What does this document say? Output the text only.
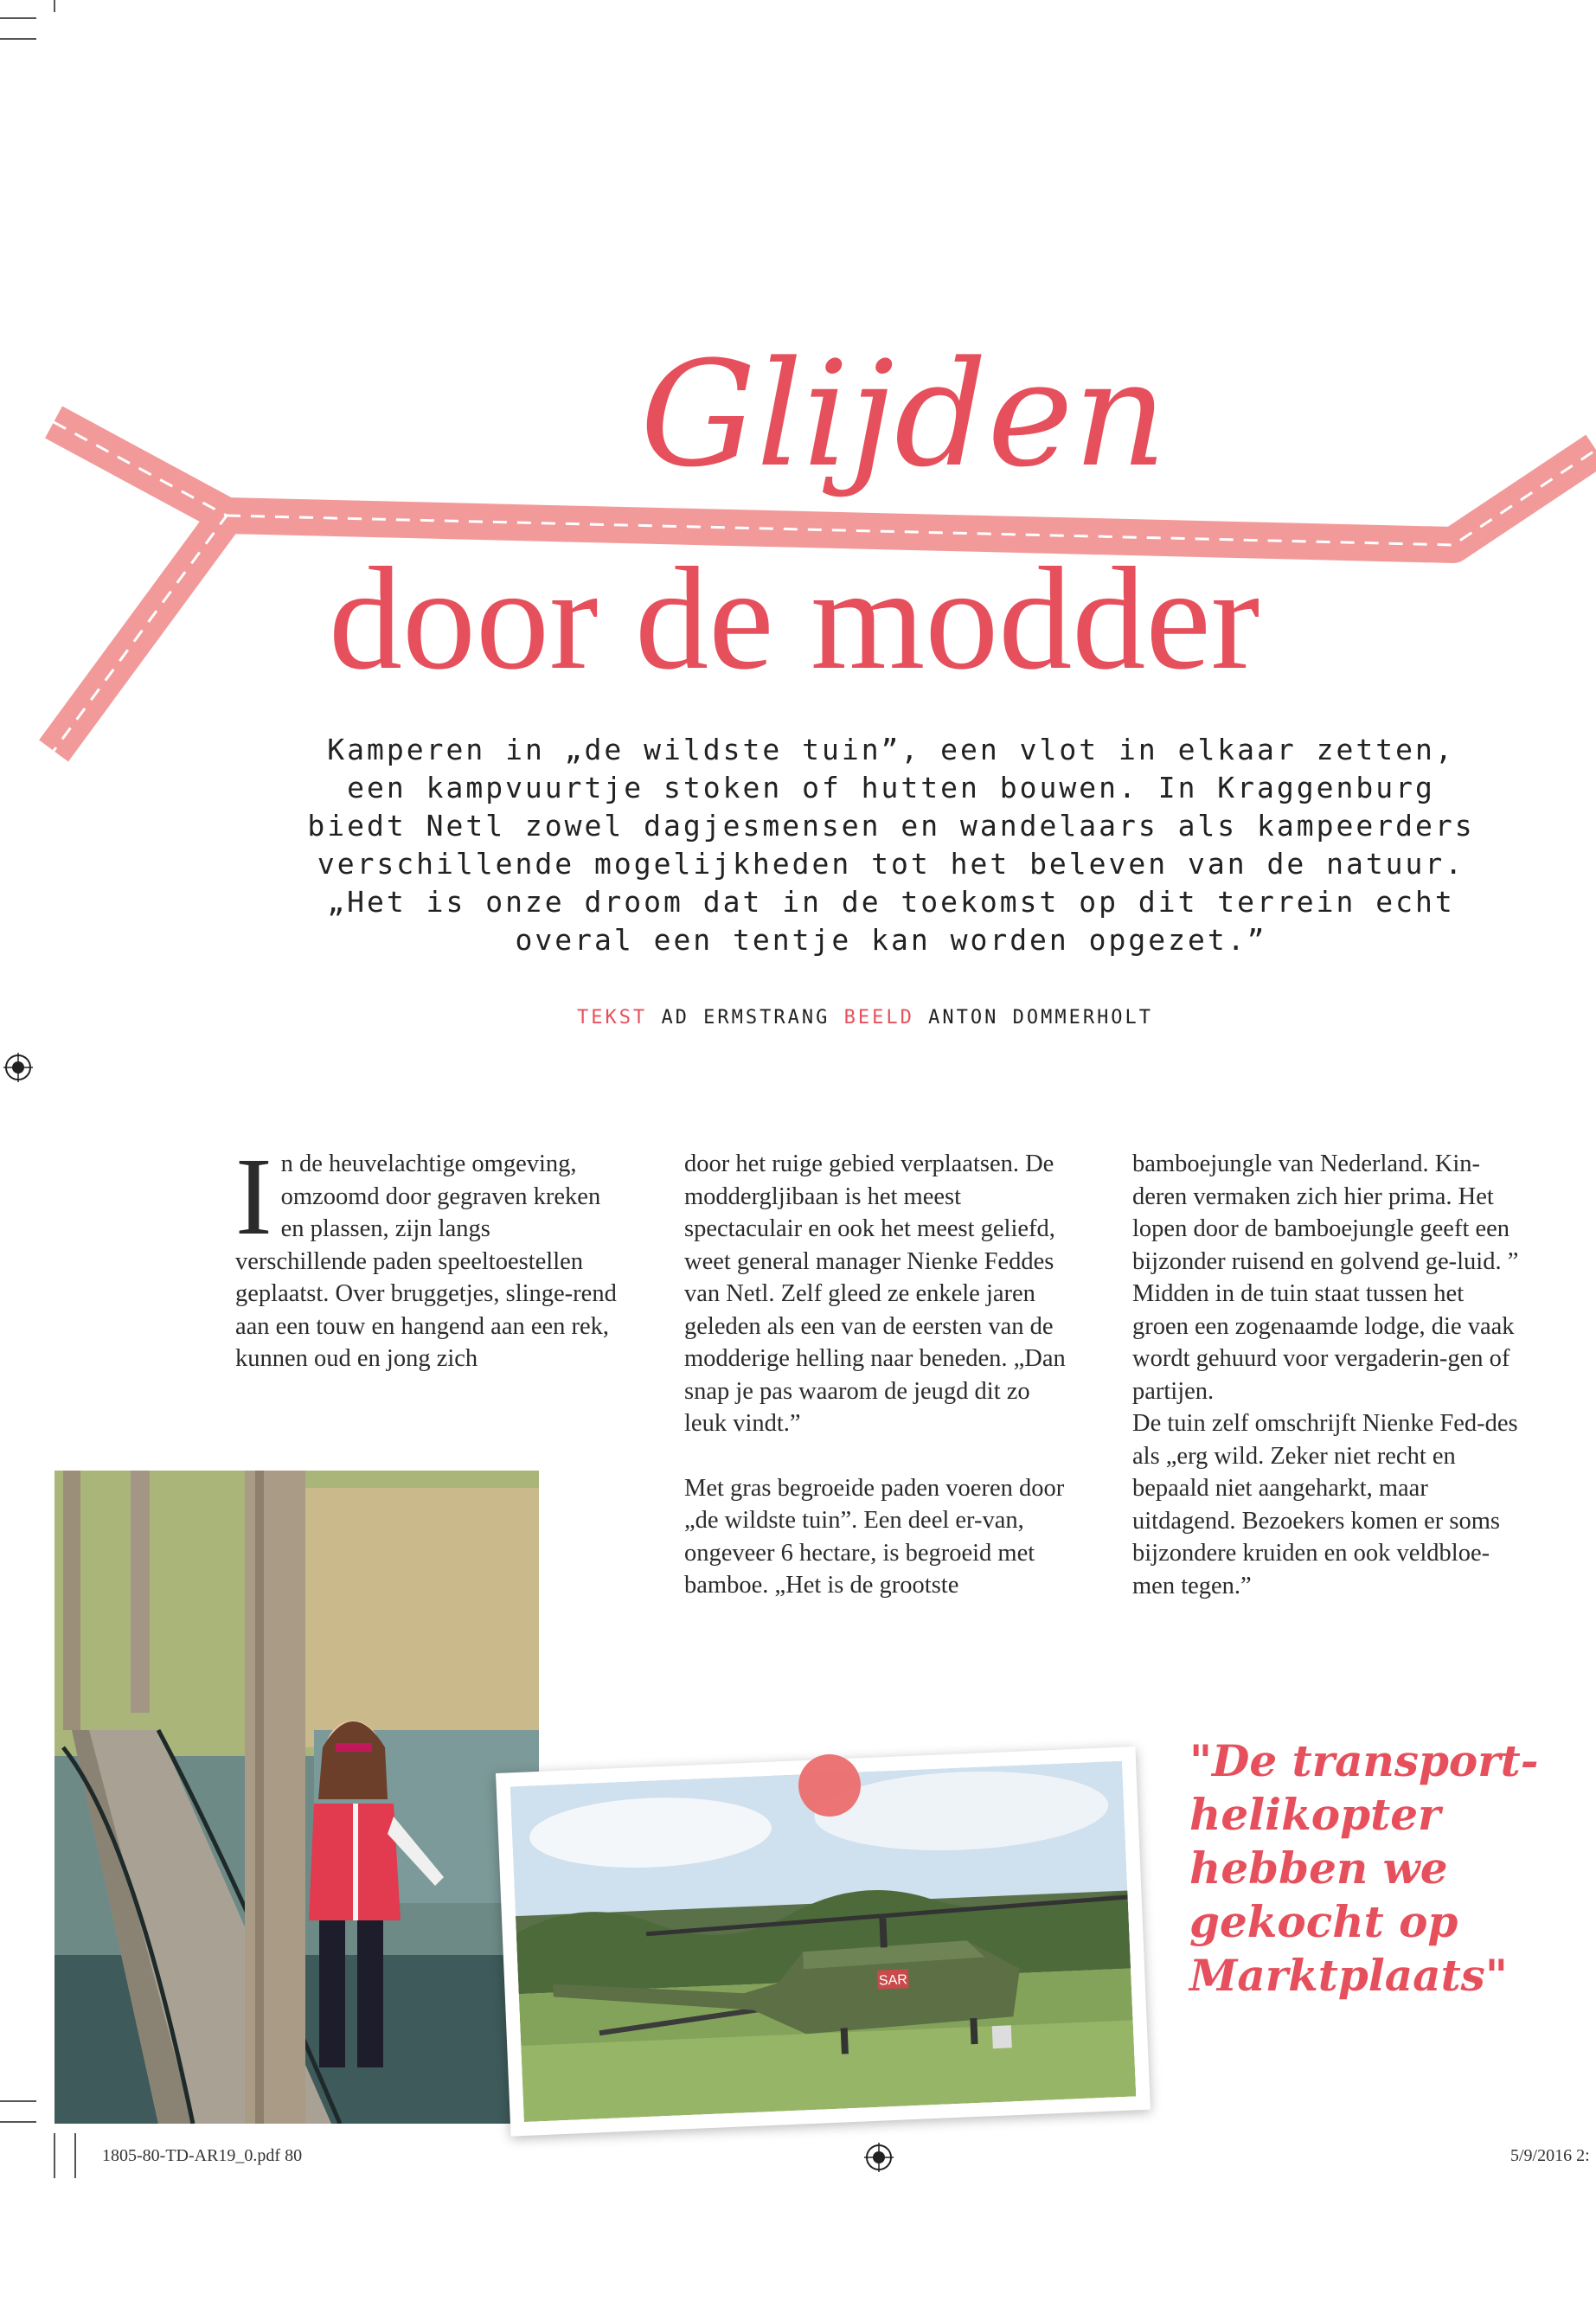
Glijden
door de modder

Kamperen in „de wildste tuin”, een vlot in elkaar zetten, een kampvuurtje stoken of hutten bouwen. In Kraggenburg biedt Netl zowel dagjesmensen en wandelaars als kampeerders verschillende mogelijkheden tot het beleven van de natuur. „Het is onze droom dat in de toekomst op dit terrein echt overal een tentje kan worden opgezet.”

TEKST AD ERMSTRANG BEELD ANTON DOMMERHOLT

In de heuvelachtige omgeving, omzoomd door gegraven kreken en plassen, zijn langs verschillende paden speeltoestellen geplaatst. Over bruggetjes, slinge-rend aan een touw en hangend aan een rek, kunnen oud en jong zich

door het ruige gebied verplaatsen. De moddergljibaan is het meest spectaculair en ook het meest geliefd, weet general manager Nienke Feddes van Netl. Zelf gleed ze enkele jaren geleden als een van de eersten van de modderige helling naar beneden. „Dan snap je pas waarom de jeugd dit zo leuk vindt.”

Met gras begroeide paden voeren door „de wildste tuin”. Een deel er-van, ongeveer 6 hectare, is begroeid met bamboe. „Het is de grootste

bamboejungle van Nederland. Kin-deren vermaken zich hier prima. Het lopen door de bamboejungle geeft een bijzonder ruisend en golvend ge-luid. ” Midden in de tuin staat tussen het groen een zogenaamde lodge, die vaak wordt gehuurd voor vergaderin-gen of partijen.

De tuin zelf omschrijft Nienke Fed-des als „erg wild. Zeker niet recht en bepaald niet aangeharkt, maar uitdagend. Bezoekers komen er soms bijzondere kruiden en ook veldbloe-men tegen.”

SAR

"De transport-helikopter hebben we gekocht op Marktplaats"

1805-80-TD-AR19_0.pdf 80	5/9/2016 2:
